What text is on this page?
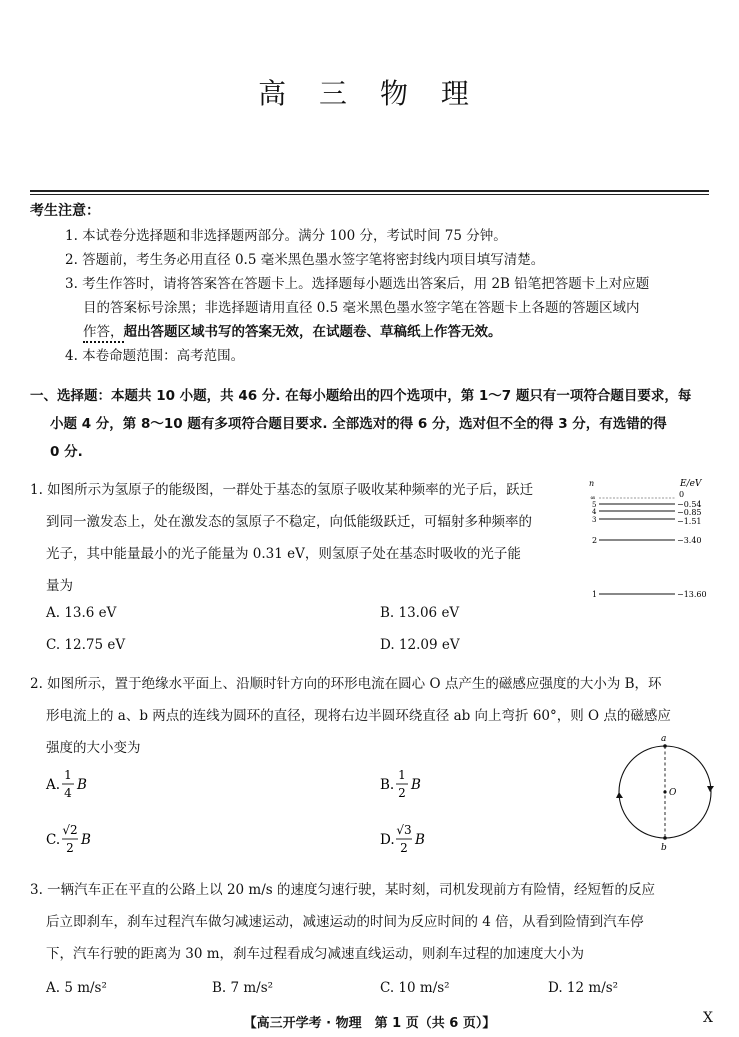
高 三 物 理
考生注意：
1. 本试卷分选择题和非选择题两部分。满分 100 分，考试时间 75 分钟。
2. 答题前，考生务必用直径 0.5 毫米黑色墨水签字笔将密封线内项目填写清楚。
3. 考生作答时，请将答案答在答题卡上。选择题每小题选出答案后，用 2B 铅笔把答题卡上对应题
目的答案标号涂黑；非选择题请用直径 0.5 毫米黑色墨水签字笔在答题卡上各题的答题区域内
作答，超出答题区域书写的答案无效，在试题卷、草稿纸上作答无效。
4. 本卷命题范围：高考范围。
一、选择题：本题共 10 小题，共 46 分. 在每小题给出的四个选项中，第 1～7 题只有一项符合题目要求，每
小题 4 分，第 8～10 题有多项符合题目要求. 全部选对的得 6 分，选对但不全的得 3 分，有选错的得
0 分.
1. 如图所示为氢原子的能级图，一群处于基态的氢原子吸收某种频率的光子后，跃迁
到同一激发态上，处在激发态的氢原子不稳定，向低能级跃迁，可辐射多种频率的
光子，其中能量最小的光子能量为 0.31 eV，则氢原子处在基态时吸收的光子能
量为
n	E/eV
∞
5
4
3
2
1
0
−0.54
−0.85
−1.51
−3.40
−13.60
A. 13.6 eV	B. 13.06 eV
C. 12.75 eV	D. 12.09 eV
2. 如图所示，置于绝缘水平面上、沿顺时针方向的环形电流在圆心 O 点产生的磁感应强度的大小为 B，环
形电流上的 a、b 两点的连线为圆环的直径，现将右边半圆环绕直径 ab 向上弯折 60°，则 O 点的磁感应
强度的大小变为
a
b
O
A.
1
4 B	B.
1
2 B
C.
√2
2 B	D.
√3
2 B
3. 一辆汽车正在平直的公路上以 20 m/s 的速度匀速行驶，某时刻，司机发现前方有险情，经短暂的反应
后立即刹车，刹车过程汽车做匀减速运动，减速运动的时间为反应时间的 4 倍，从看到险情到汽车停
下，汽车行驶的距离为 30 m，刹车过程看成匀减速直线运动，则刹车过程的加速度大小为
A. 5 m/s²	B. 7 m/s²	C. 10 m/s²	D. 12 m/s²
【高三开学考 · 物理　第 1 页（共 6 页）】	X
